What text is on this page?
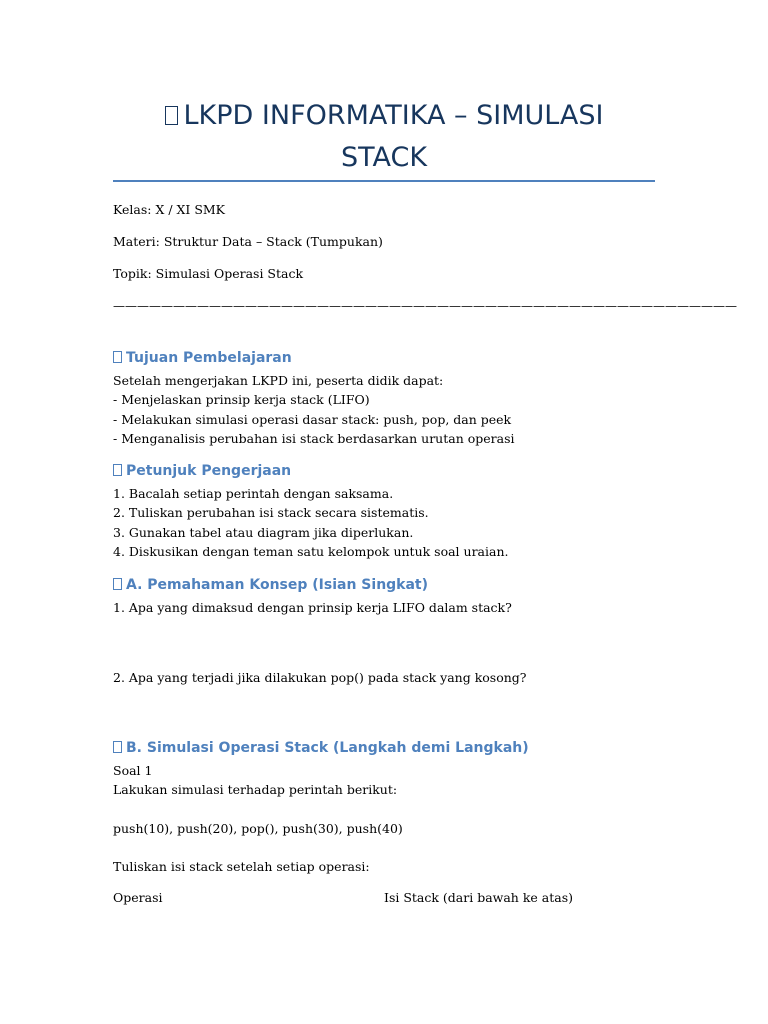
LKPD INFORMATIKA – SIMULASI
STACK
Kelas: X / XI SMK
Materi: Struktur Data – Stack (Tumpukan)
Topik: Simulasi Operasi Stack
————————————————————————————————————————————————————
Tujuan Pembelajaran
Setelah mengerjakan LKPD ini, peserta didik dapat:
- Menjelaskan prinsip kerja stack (LIFO)
- Melakukan simulasi operasi dasar stack: push, pop, dan peek
- Menganalisis perubahan isi stack berdasarkan urutan operasi
Petunjuk Pengerjaan
1. Bacalah setiap perintah dengan saksama.
2. Tuliskan perubahan isi stack secara sistematis.
3. Gunakan tabel atau diagram jika diperlukan.
4. Diskusikan dengan teman satu kelompok untuk soal uraian.
A. Pemahaman Konsep (Isian Singkat)
1. Apa yang dimaksud dengan prinsip kerja LIFO dalam stack?
2. Apa yang terjadi jika dilakukan pop() pada stack yang kosong?
B. Simulasi Operasi Stack (Langkah demi Langkah)
Soal 1
Lakukan simulasi terhadap perintah berikut:
push(10), push(20), pop(), push(30), push(40)
Tuliskan isi stack setelah setiap operasi:
Operasi	Isi Stack (dari bawah ke atas)
